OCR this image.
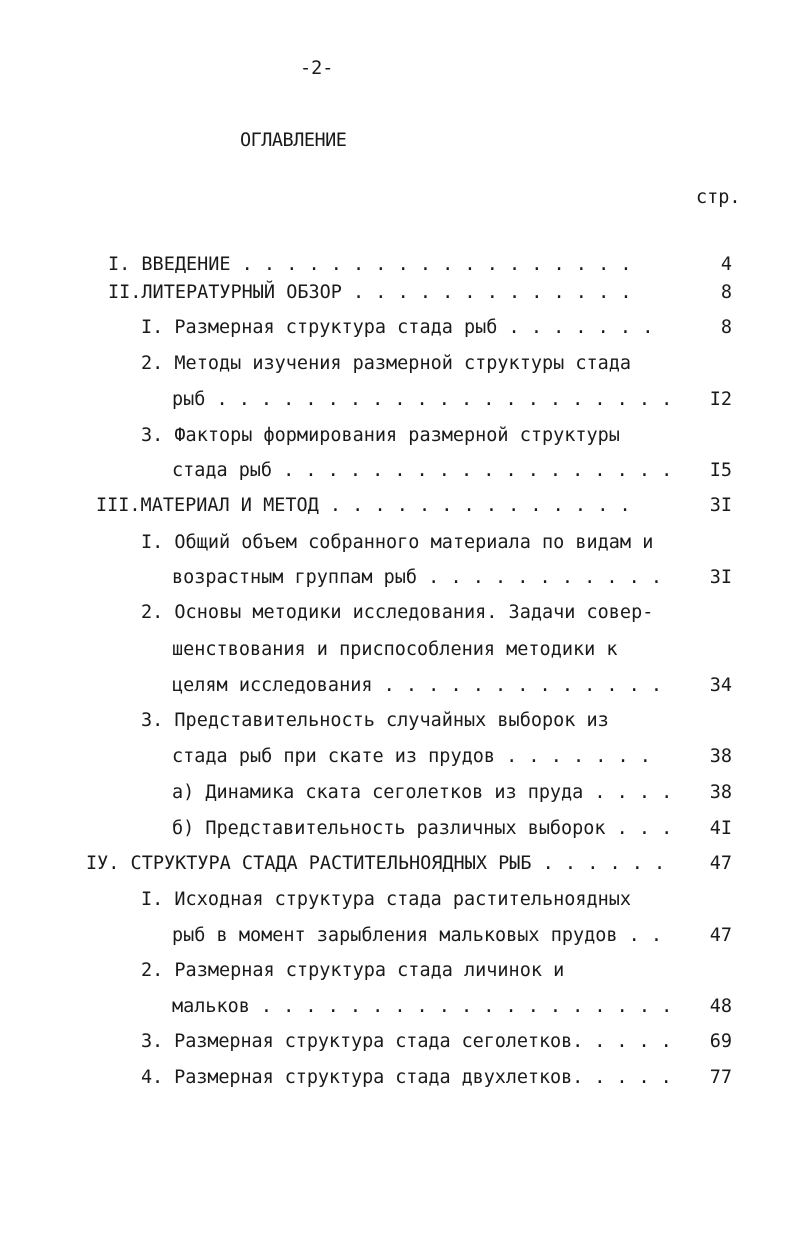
-2-
ОГЛАВЛЕНИЕ
стр.
I. ВВЕДЕНИЕ . . . . . . . . . . . . . . . . . .	4
II.ЛИТЕРАТУРНЫЙ ОБЗОР . . . . . . . . . . . . .	8
I. Размерная структура стада рыб . . . . . . .	8
2. Методы изучения размерной структуры стада
рыб . . . . . . . . . . . . . . . . . . . . . I2
3. Факторы формирования размерной структуры
стада рыб . . . . . . . . . . . . . . . . . . I5
III.МАТЕРИАЛ И МЕТОД . . . . . . . . . . . . . .	3I
I. Общий объем собранного материала по видам и
возрастным группам рыб . . . . . . . . . . .	3I
2. Основы методики исследования. Задачи совер-
шенствования и приспособления методики к
целям исследования . . . . . . . . . . . . .	34
3. Представительность случайных выборок из
стада рыб при скате из прудов . . . . . . .	38
а) Динамика ската сеголетков из пруда . . . . 38
б) Представительность различных выборок . . . 4I
IУ. СТРУКТУРА СТАДА РАСТИТЕЛЬНОЯДНЫХ РЫБ . . . . . . 47
I. Исходная структура стада растительноядных
рыб в момент зарыбления мальковых прудов . .	47
2. Размерная структура стада личинок и
мальков . . . . . . . . . . . . . . . . . . . 48
3. Размерная структура стада сеголетков. . . . . 69
4. Размерная структура стада двухлетков. . . . . 77
